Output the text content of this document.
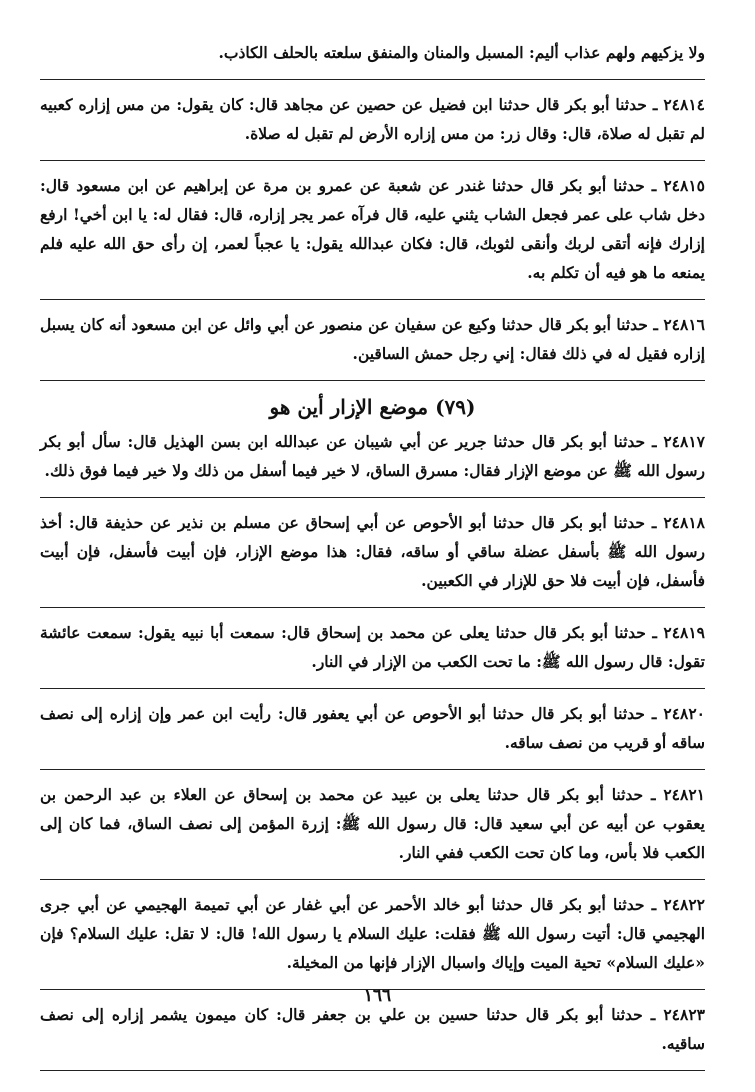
ولا يزكيهم ولهم عذاب أليم: المسبل والمنان والمنفق سلعته بالحلف الكاذب.

٢٤٨١٤ ـ حدثنا أبو بكر قال حدثنا ابن فضيل عن حصين عن مجاهد قال: كان يقول: من مس إزاره كعبيه لم تقبل له صلاة، قال: وقال زر: من مس إزاره الأرض لم تقبل له صلاة.

٢٤٨١٥ ـ حدثنا أبو بكر قال حدثنا غندر عن شعبة عن عمرو بن مرة عن إبراهيم عن ابن مسعود قال: دخل شاب على عمر فجعل الشاب يثني عليه، قال فرآه عمر يجر إزاره، قال: فقال له: يا ابن أخي! ارفع إزارك فإنه أتقى لربك وأنقى لثوبك، قال: فكان عبدالله يقول: يا عجباً لعمر، إن رأى حق الله عليه فلم يمنعه ما هو فيه أن تكلم به.

٢٤٨١٦ ـ حدثنا أبو بكر قال حدثنا وكيع عن سفيان عن منصور عن أبي وائل عن ابن مسعود أنه كان يسبل إزاره فقيل له في ذلك فقال: إني رجل حمش الساقين.

(٧٩) موضع الإزار أين هو

٢٤٨١٧ ـ حدثنا أبو بكر قال حدثنا جرير عن أبي شيبان عن عبدالله ابن بسن الهذيل قال: سأل أبو بكر رسول الله ﷺ عن موضع الإزار فقال: مسرق الساق، لا خير فيما أسفل من ذلك ولا خير فيما فوق ذلك.

٢٤٨١٨ ـ حدثنا أبو بكر قال حدثنا أبو الأحوص عن أبي إسحاق عن مسلم بن نذير عن حذيفة قال: أخذ رسول الله ﷺ بأسفل عضلة ساقي أو ساقه، فقال: هذا موضع الإزار، فإن أبيت فأسفل، فإن أبيت فأسفل، فإن أبيت فلا حق للإزار في الكعبين.

٢٤٨١٩ ـ حدثنا أبو بكر قال حدثنا يعلى عن محمد بن إسحاق قال: سمعت أبا نبيه يقول: سمعت عائشة تقول: قال رسول الله ﷺ: ما تحت الكعب من الإزار في النار.

٢٤٨٢٠ ـ حدثنا أبو بكر قال حدثنا أبو الأحوص عن أبي يعفور قال: رأيت ابن عمر وإن إزاره إلى نصف ساقه أو قريب من نصف ساقه.

٢٤٨٢١ ـ حدثنا أبو بكر قال حدثنا يعلى بن عبيد عن محمد بن إسحاق عن العلاء بن عبد الرحمن بن يعقوب عن أبيه عن أبي سعيد قال: قال رسول الله ﷺ: إزرة المؤمن إلى نصف الساق، فما كان إلى الكعب فلا بأس، وما كان تحت الكعب ففي النار.

٢٤٨٢٢ ـ حدثنا أبو بكر قال حدثنا أبو خالد الأحمر عن أبي غفار عن أبي تميمة الهجيمي عن أبي جرى الهجيمي قال: أتيت رسول الله ﷺ فقلت: عليك السلام يا رسول الله! قال: لا تقل: عليك السلام؟ فإن «عليك السلام» تحية الميت وإياك واسبال الإزار فإنها من المخيلة.

٢٤٨٢٣ ـ حدثنا أبو بكر قال حدثنا حسين بن علي بن جعفر قال: كان ميمون يشمر إزاره إلى نصف ساقيه.

١٦٦
